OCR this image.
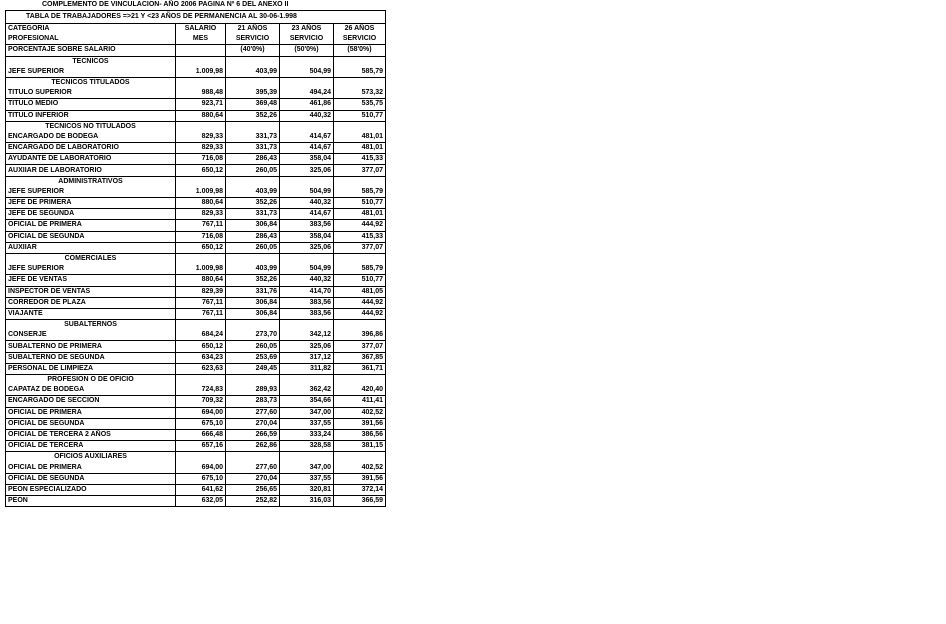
COMPLEMENTO DE VINCULACION- AÑO 2006 PAGINA Nº 6 DEL ANEXO II
TABLA DE TRABAJADORES =>21 Y <23 AÑOS DE PERMANENCIA AL 30-06-1.998				
CATEGORIA	SALARIO	21 AÑOS	23 AÑOS	26 AÑOS
PROFESIONAL	MES	SERVICIO	SERVICIO	SERVICIO
PORCENTAJE SOBRE SALARIO		(40'0%)	(50'0%)	(58'0%)
TECNICOS				
JEFE SUPERIOR	1.009,98	403,99	504,99	585,79
TECNICOS TITULADOS				
TITULO SUPERIOR	988,48	395,39	494,24	573,32
TITULO MEDIO	923,71	369,48	461,86	535,75
TITULO INFERIOR	880,64	352,26	440,32	510,77
TECNICOS NO TITULADOS				
ENCARGADO DE BODEGA	829,33	331,73	414,67	481,01
ENCARGADO DE LABORATORIO	829,33	331,73	414,67	481,01
AYUDANTE DE LABORATORIO	716,08	286,43	358,04	415,33
AUXIIAR DE LABORATORIO	650,12	260,05	325,06	377,07
ADMINISTRATIVOS				
JEFE SUPERIOR	1.009,98	403,99	504,99	585,79
JEFE DE PRIMERA	880,64	352,26	440,32	510,77
JEFE DE SEGUNDA	829,33	331,73	414,67	481,01
OFICIAL DE PRIMERA	767,11	306,84	383,56	444,92
OFICIAL DE SEGUNDA	716,08	286,43	358,04	415,33
AUXIIAR	650,12	260,05	325,06	377,07
COMERCIALES				
JEFE SUPERIOR	1.009,98	403,99	504,99	585,79
JEFE DE VENTAS	880,64	352,26	440,32	510,77
INSPECTOR DE VENTAS	829,39	331,76	414,70	481,05
CORREDOR DE PLAZA	767,11	306,84	383,56	444,92
VIAJANTE	767,11	306,84	383,56	444,92
SUBALTERNOS				
CONSERJE	684,24	273,70	342,12	396,86
SUBALTERNO DE PRIMERA	650,12	260,05	325,06	377,07
SUBALTERNO DE SEGUNDA	634,23	253,69	317,12	367,85
PERSONAL DE LIMPIEZA	623,63	249,45	311,82	361,71
PROFESION O DE OFICIO				
CAPATAZ DE BODEGA	724,83	289,93	362,42	420,40
ENCARGADO DE SECCION	709,32	283,73	354,66	411,41
OFICIAL DE PRIMERA	694,00	277,60	347,00	402,52
OFICIAL DE SEGUNDA	675,10	270,04	337,55	391,56
OFICIAL DE TERCERA 2 AÑOS	666,48	266,59	333,24	386,56
OFICIAL DE TERCERA	657,16	262,86	328,58	381,15
OFICIOS AUXILIARES				
OFICIAL DE PRIMERA	694,00	277,60	347,00	402,52
OFICIAL DE SEGUNDA	675,10	270,04	337,55	391,56
PEON ESPECIALIZADO	641,62	256,65	320,81	372,14
PEON	632,05	252,82	316,03	366,59
